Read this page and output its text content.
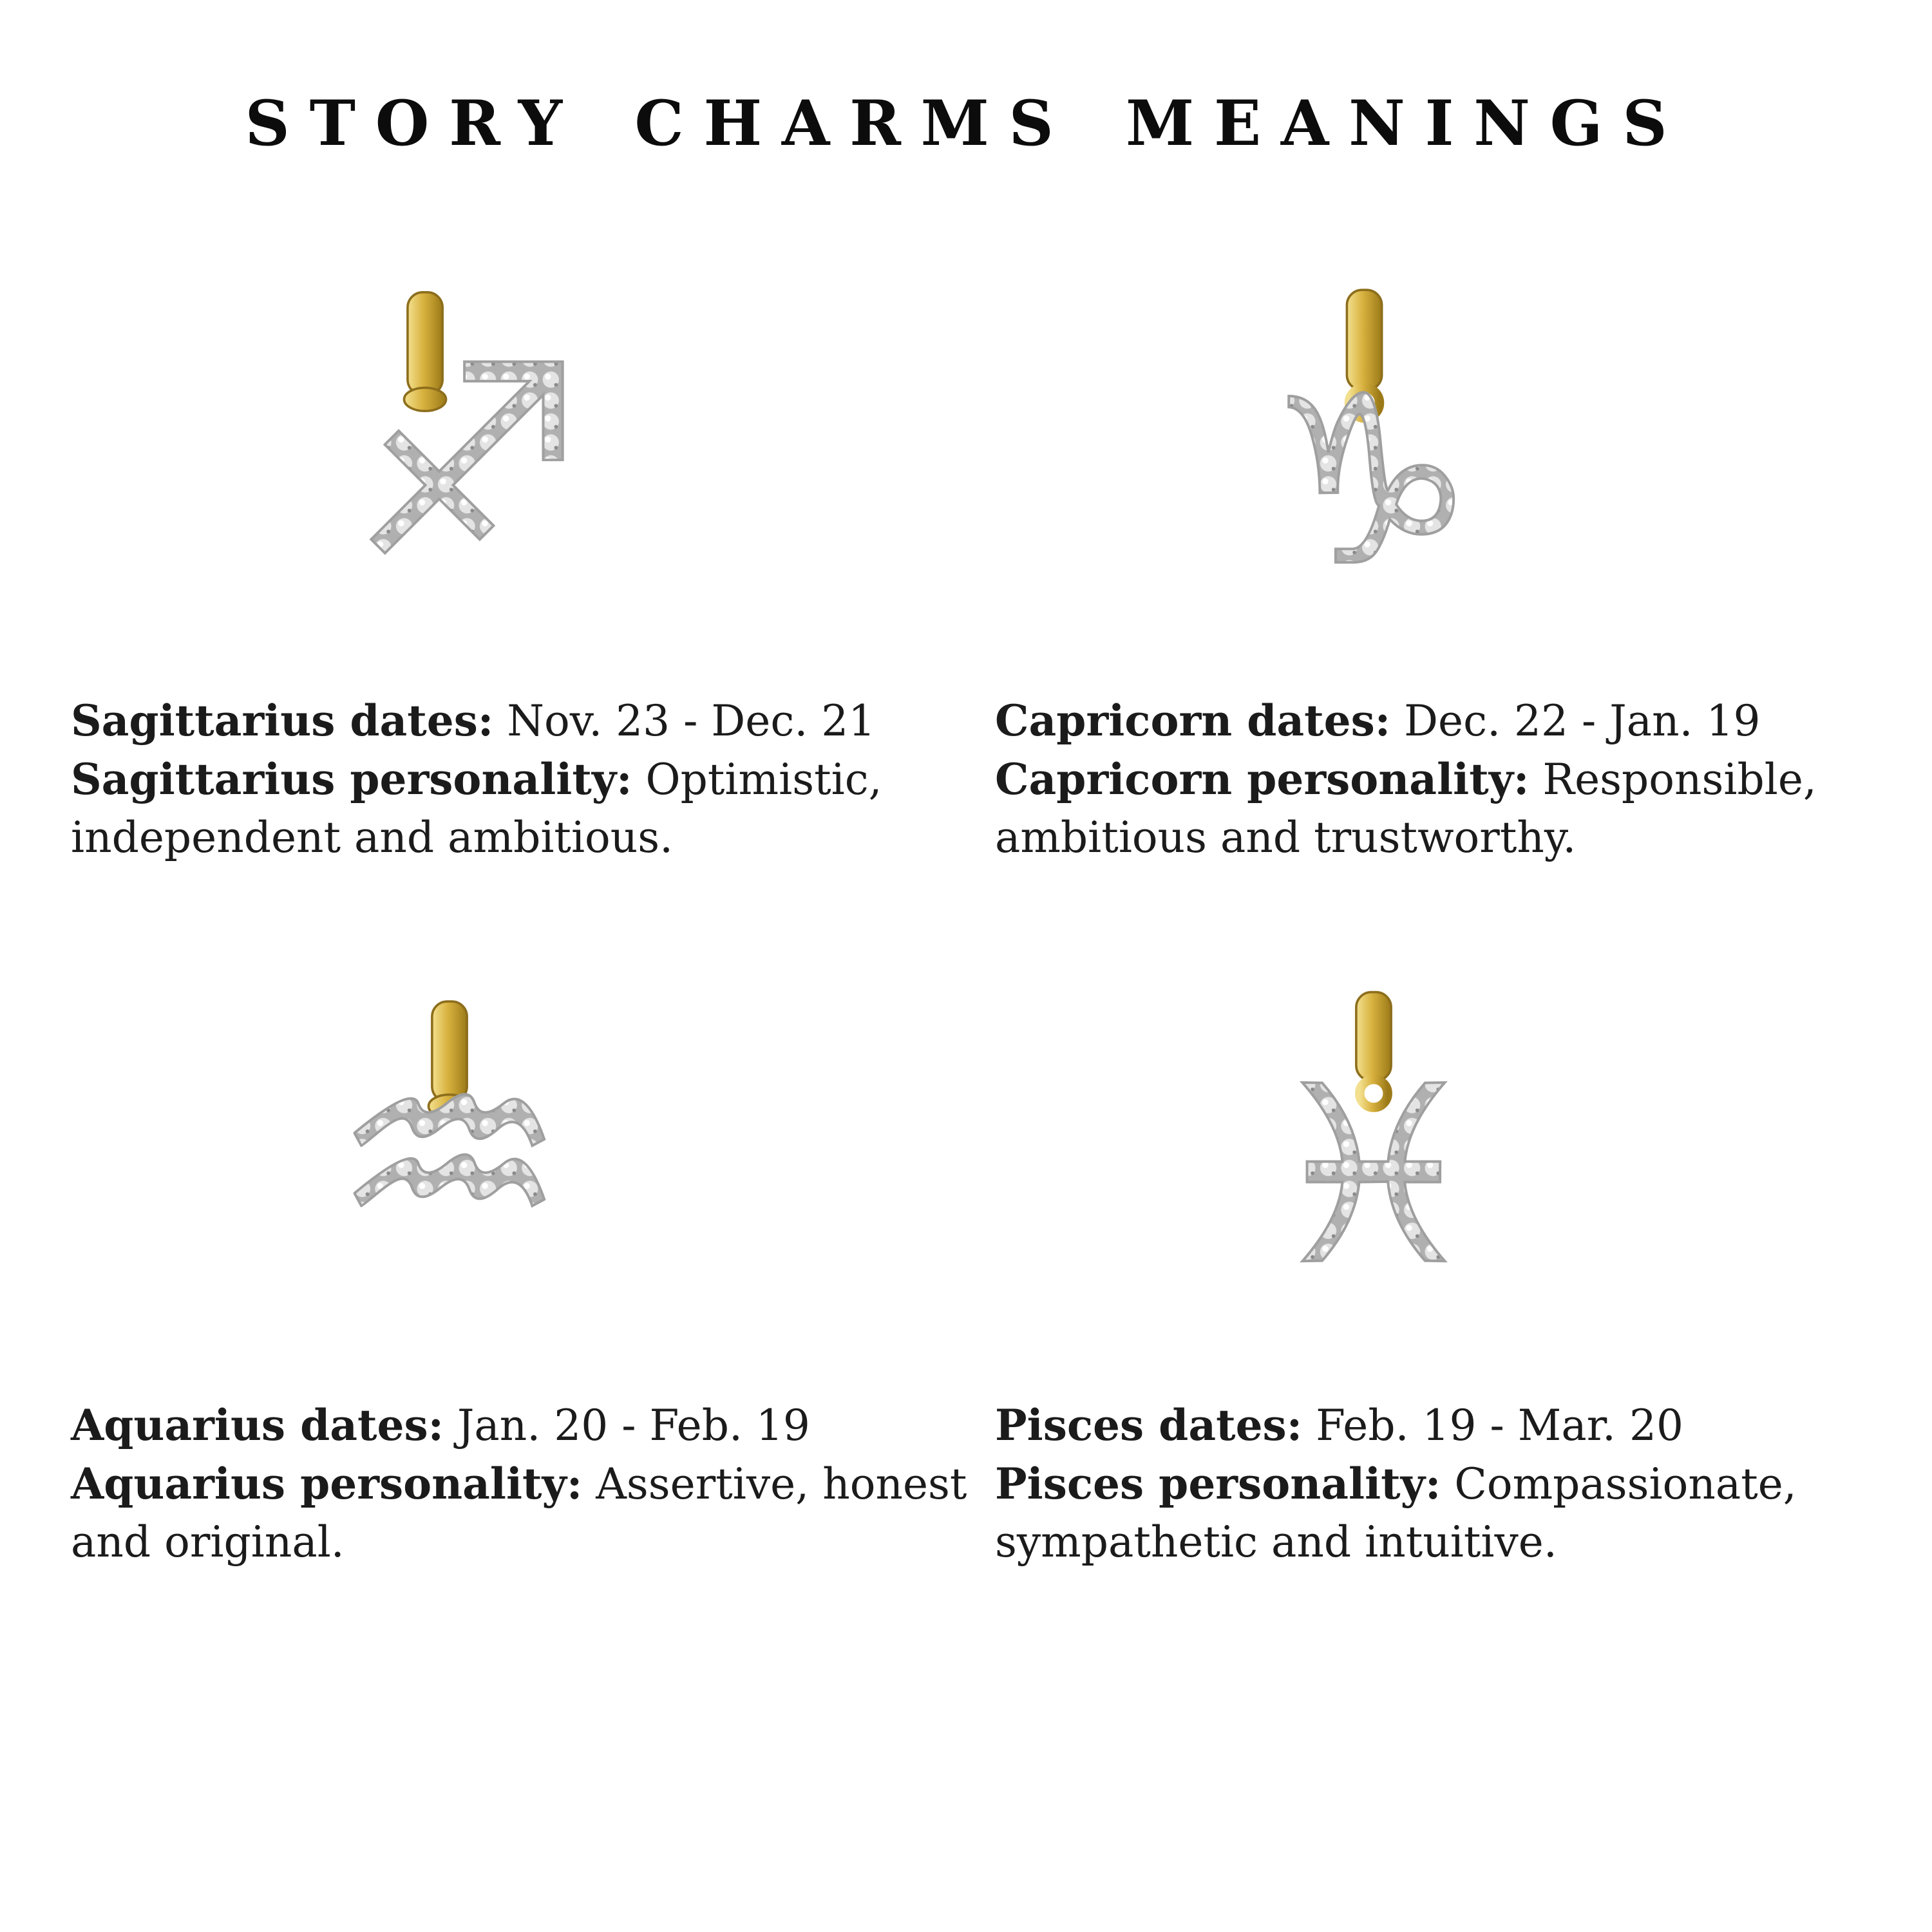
STORY CHARMS MEANINGS
♐

Sagittarius dates: Nov. 23 - Dec. 21
Sagittarius personality: Optimistic, independent and ambitious.

♑

Capricorn dates: Dec. 22 - Jan. 19
Capricorn personality: Responsible, ambitious and trustworthy.

♒

Aquarius dates: Jan. 20 - Feb. 19
Aquarius personality: Assertive, honest and original.

♓

Pisces dates: Feb. 19 - Mar. 20
Pisces personality: Compassionate, sympathetic and intuitive.
